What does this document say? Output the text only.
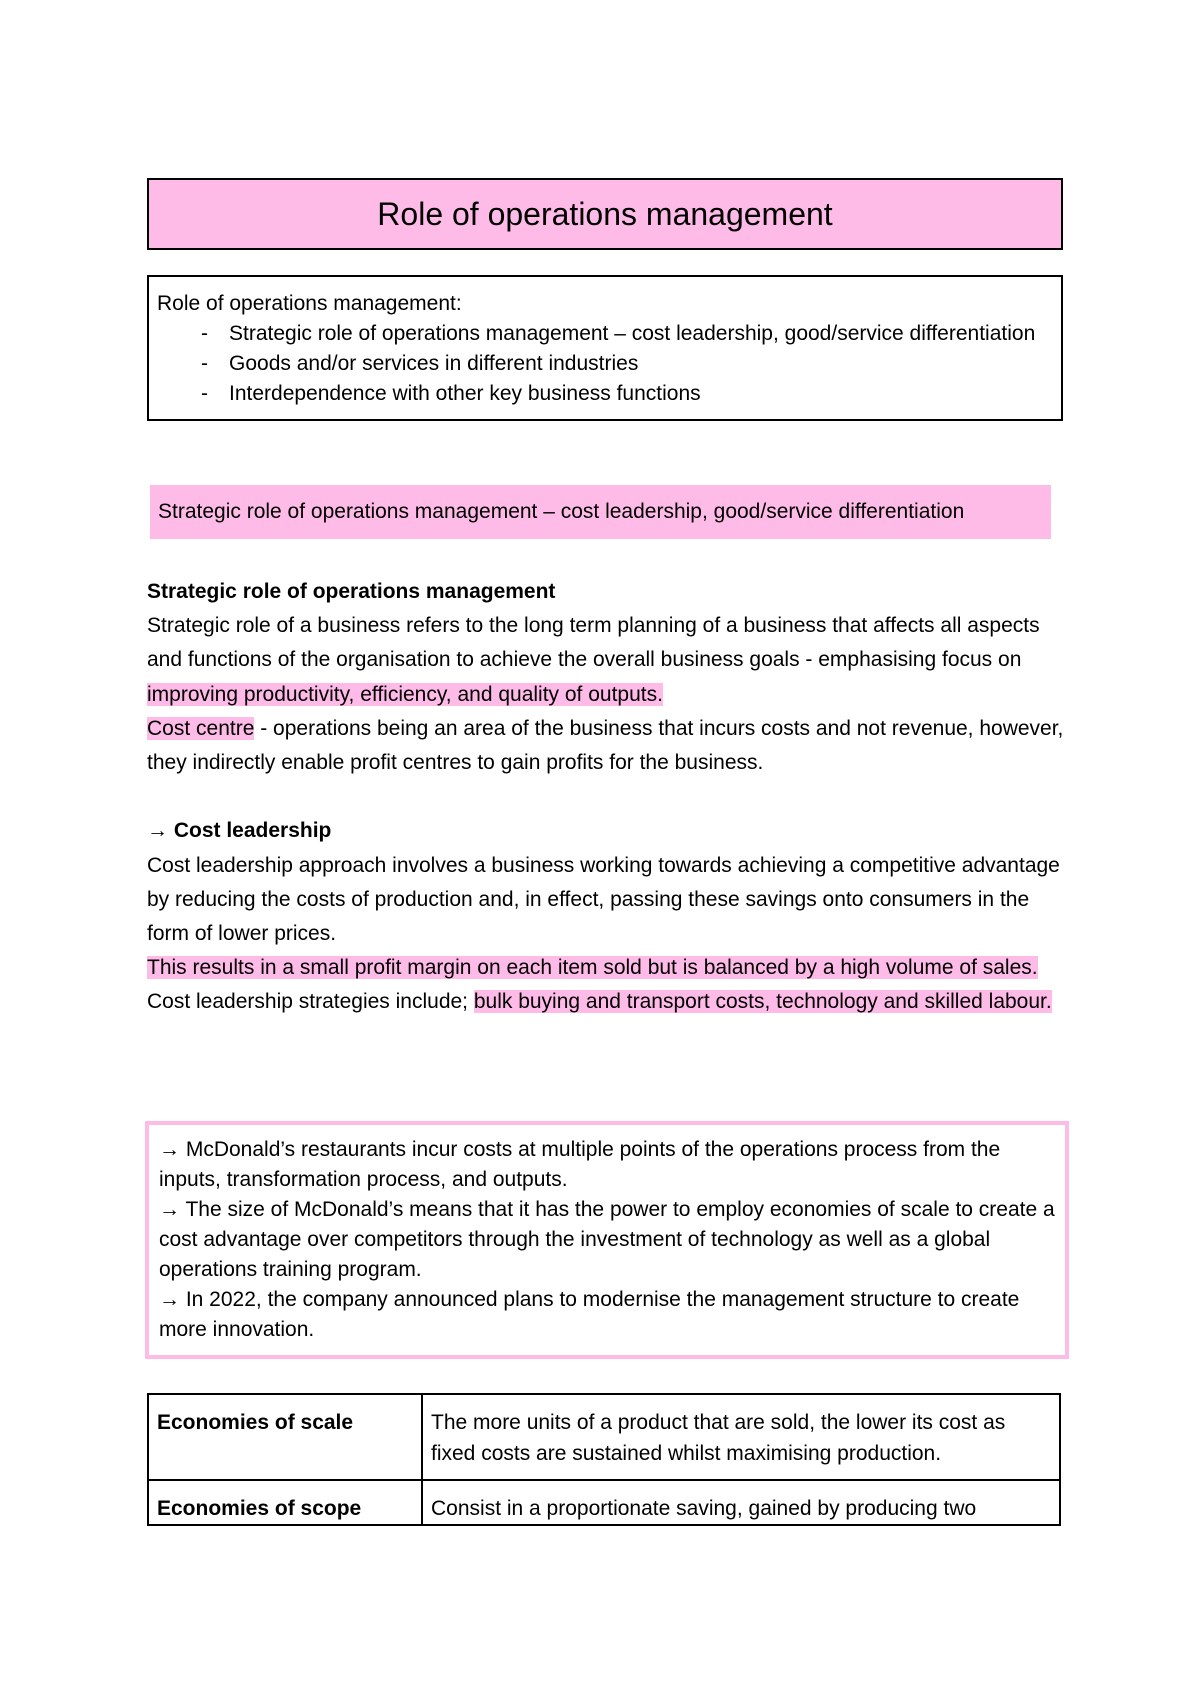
Role of operations management
Role of operations management:
- Strategic role of operations management – cost leadership, good/service differentiation
- Goods and/or services in different industries
- Interdependence with other key business functions
Strategic role of operations management – cost leadership, good/service differentiation

Strategic role of operations management

Strategic role of a business refers to the long term planning of a business that affects all aspects and functions of the organisation to achieve the overall business goals - emphasising focus on improving productivity, efficiency, and quality of outputs.

Cost centre - operations being an area of the business that incurs costs and not revenue, however, they indirectly enable profit centres to gain profits for the business.

→ Cost leadership

Cost leadership approach involves a business working towards achieving a competitive advantage by reducing the costs of production and, in effect, passing these savings onto consumers in the form of lower prices.

This results in a small profit margin on each item sold but is balanced by a high volume of sales.

Cost leadership strategies include; bulk buying and transport costs, technology and skilled labour.

→ McDonald’s restaurants incur costs at multiple points of the operations process from the inputs, transformation process, and outputs.

→ The size of McDonald’s means that it has the power to employ economies of scale to create a cost advantage over competitors through the investment of technology as well as a global operations training program.

→ In 2022, the company announced plans to modernise the management structure to create more innovation.

Economies of scale	The more units of a product that are sold, the lower its cost as fixed costs are sustained whilst maximising production.
Economies of scope	Consist in a proportionate saving, gained by producing two
